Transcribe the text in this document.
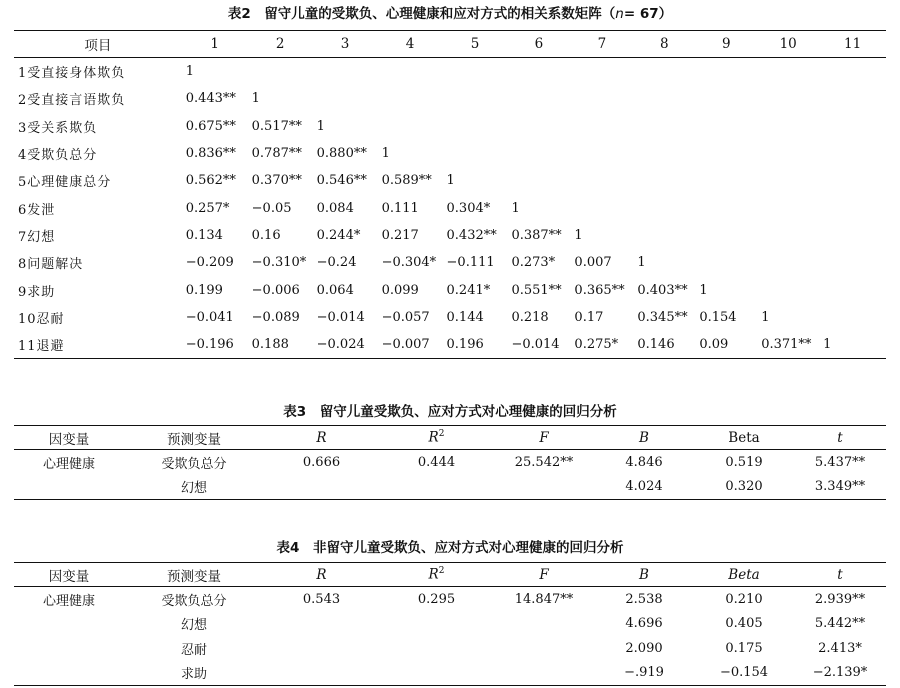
表2　留守儿童的受欺负、心理健康和应对方式的相关系数矩阵（n= 67）
项目	1	2	3	4	5	6	7	8	9	10	11
1受直接身体欺负	1										
2受直接言语欺负	0.443**	1									
3受关系欺负	0.675**	0.517**	1								
4受欺负总分	0.836**	0.787**	0.880**	1							
5心理健康总分	0.562**	0.370**	0.546**	0.589**	1						
6发泄	0.257*	−0.05	0.084	0.111	0.304*	1					
7幻想	0.134	0.16	0.244*	0.217	0.432**	0.387**	1				
8问题解决	−0.209	−0.310*	−0.24	−0.304*	−0.111	0.273*	0.007	1			
9求助	0.199	−0.006	0.064	0.099	0.241*	0.551**	0.365**	0.403**	1		
10忍耐	−0.041	−0.089	−0.014	−0.057	0.144	0.218	0.17	0.345**	0.154	1	
11退避	−0.196	0.188	−0.024	−0.007	0.196	−0.014	0.275*	0.146	0.09	0.371**	1
表3　留守儿童受欺负、应对方式对心理健康的回归分析
因变量	预测变量	R	$R^2$	F	B	Beta	t
心理健康	受欺负总分	0.666	0.444	25.542**	4.846	0.519	5.437**
	幻想				4.024	0.320	3.349**
表4　非留守儿童受欺负、应对方式对心理健康的回归分析
因变量	预测变量	R	$R^2$	F	B	Beta	t
心理健康	受欺负总分	0.543	0.295	14.847**	2.538	0.210	2.939**
	幻想				4.696	0.405	5.442**
	忍耐				2.090	0.175	2.413*
	求助				−.919	−0.154	−2.139*
